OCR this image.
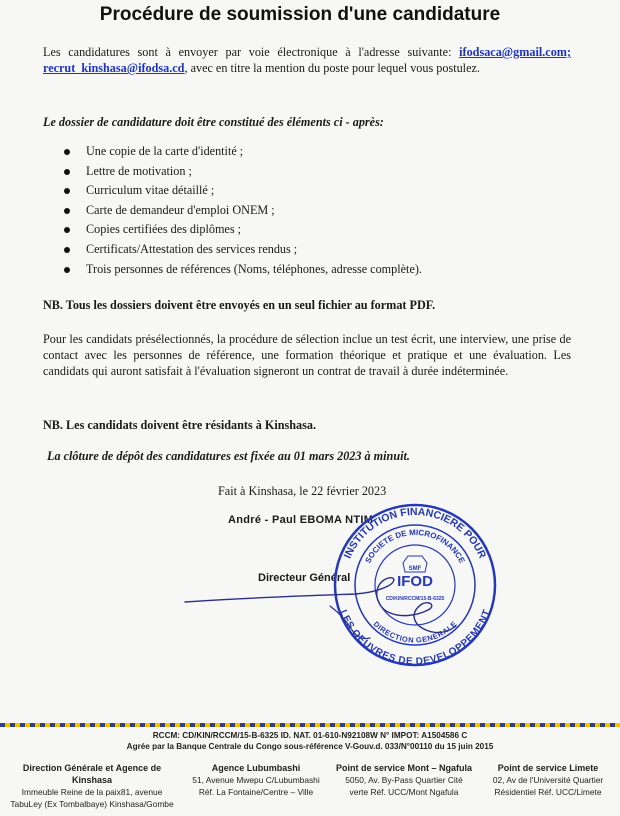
Procédure de soumission d'une candidature
Les candidatures sont à envoyer par voie électronique à l'adresse suivante: ifodsaca@gmail.com; recrut_kinshasa@ifodsa.cd, avec en titre la mention du poste pour lequel vous postulez.
Le dossier de candidature doit être constitué des éléments ci - après:
Une copie de la carte d'identité ;
Lettre de motivation ;
Curriculum vitae détaillé ;
Carte de demandeur d'emploi ONEM ;
Copies certifiées des diplômes ;
Certificats/Attestation des services rendus ;
Trois personnes de références (Noms, téléphones, adresse complète).
NB. Tous les dossiers doivent être envoyés en un seul fichier au format PDF.
Pour les candidats présélectionnés, la procédure de sélection inclue un test écrit, une interview, une prise de contact avec les personnes de référence, une formation théorique et pratique et une évaluation. Les candidats qui auront satisfait à l'évaluation signeront un contrat de travail à durée indéterminée.
NB. Les candidats doivent être résidants à Kinshasa.
La clôture de dépôt des candidatures est fixée au 01 mars 2023 à minuit.
Fait à Kinshasa, le 22 février 2023
André - Paul EBOMA NTIM
Directeur Général
INSTITUTION FINANCIERE POUR
LES OEUVRES DE DEVELOPPEMENT
SOCIETE DE MICROFINANCE
DIRECTION GENERALE
SMF
IFOD
CD/KIN/RCCM/15-B-6325
RCCM: CD/KIN/RCCM/15-B-6325 ID. NAT. 01-610-N92108W N° IMPOT: A1504586 C
Agrée par la Banque Centrale du Congo sous-référence V-Gouv.d. 033/N°00110 du 15 juin 2015
Direction Générale et Agence de Kinshasa
Immeuble Reine de la paix81, avenue
TabuLey (Ex Tombalbaye) Kinshasa/Gombe
Agence Lubumbashi
51, Avenue Mwepu C/Lubumbashi
Réf. La Fontaine/Centre – Ville
Point de service Mont – Ngafula
5050, Av. By-Pass Quartier Cité
verte Réf. UCC/Mont Ngafula
Point de service Limete
02, Av de l'Université Quartier
Résidentiel Réf. UCC/Limete
